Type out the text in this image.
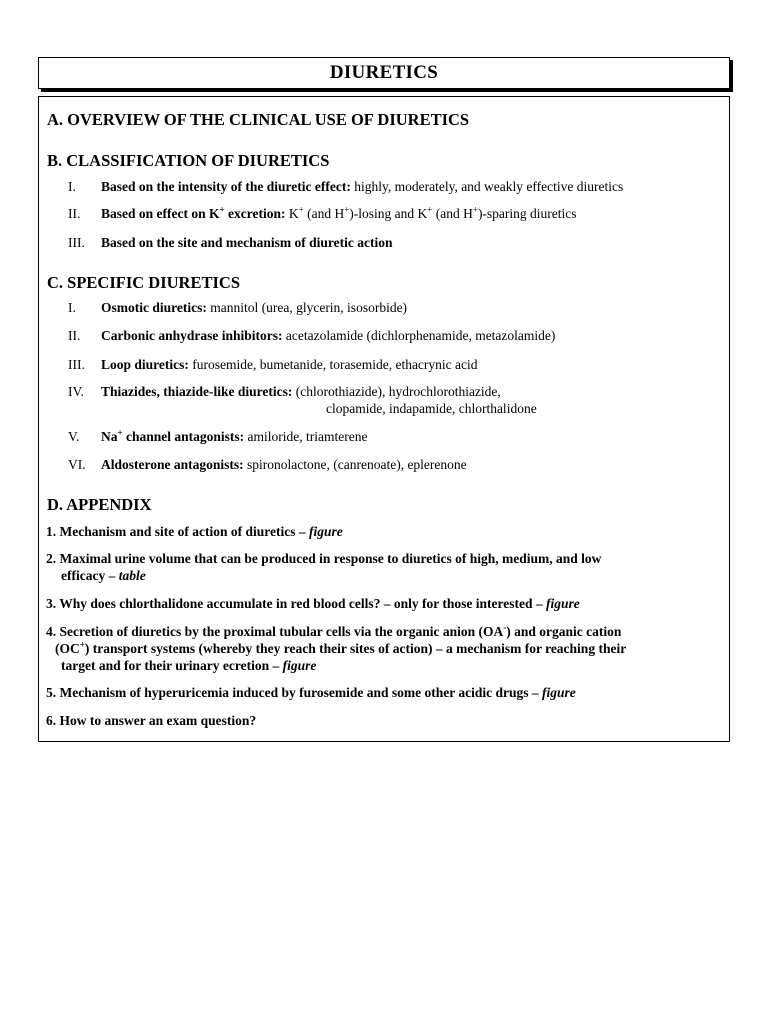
DIURETICS
A. OVERVIEW OF THE CLINICAL USE OF DIURETICS
B. CLASSIFICATION OF DIURETICS
I. Based on the intensity of the diuretic effect: highly, moderately, and weakly effective diuretics
II. Based on effect on K+ excretion: K+ (and H+)-losing and K+ (and H+)-sparing diuretics
III. Based on the site and mechanism of diuretic action
C. SPECIFIC DIURETICS
I. Osmotic diuretics: mannitol (urea, glycerin, isosorbide)
II. Carbonic anhydrase inhibitors: acetazolamide (dichlorphenamide, metazolamide)
III. Loop diuretics: furosemide, bumetanide, torasemide, ethacrynic acid
IV. Thiazides, thiazide-like diuretics: (chlorothiazide), hydrochlorothiazide,
clopamide, indapamide, chlorthalidone
V. Na+ channel antagonists: amiloride, triamterene
VI. Aldosterone antagonists: spironolactone, (canrenoate), eplerenone
D. APPENDIX
1. Mechanism and site of action of diuretics – figure
2. Maximal urine volume that can be produced in response to diuretics of high, medium, and low
efficacy – table
3. Why does chlorthalidone accumulate in red blood cells? – only for those interested – figure
4. Secretion of diuretics by the proximal tubular cells via the organic anion (OA-) and organic cation
(OC+) transport systems (whereby they reach their sites of action) – a mechanism for reaching their
target and for their urinary ecretion – figure
5. Mechanism of hyperuricemia induced by furosemide and some other acidic drugs – figure
6. How to answer an exam question?
